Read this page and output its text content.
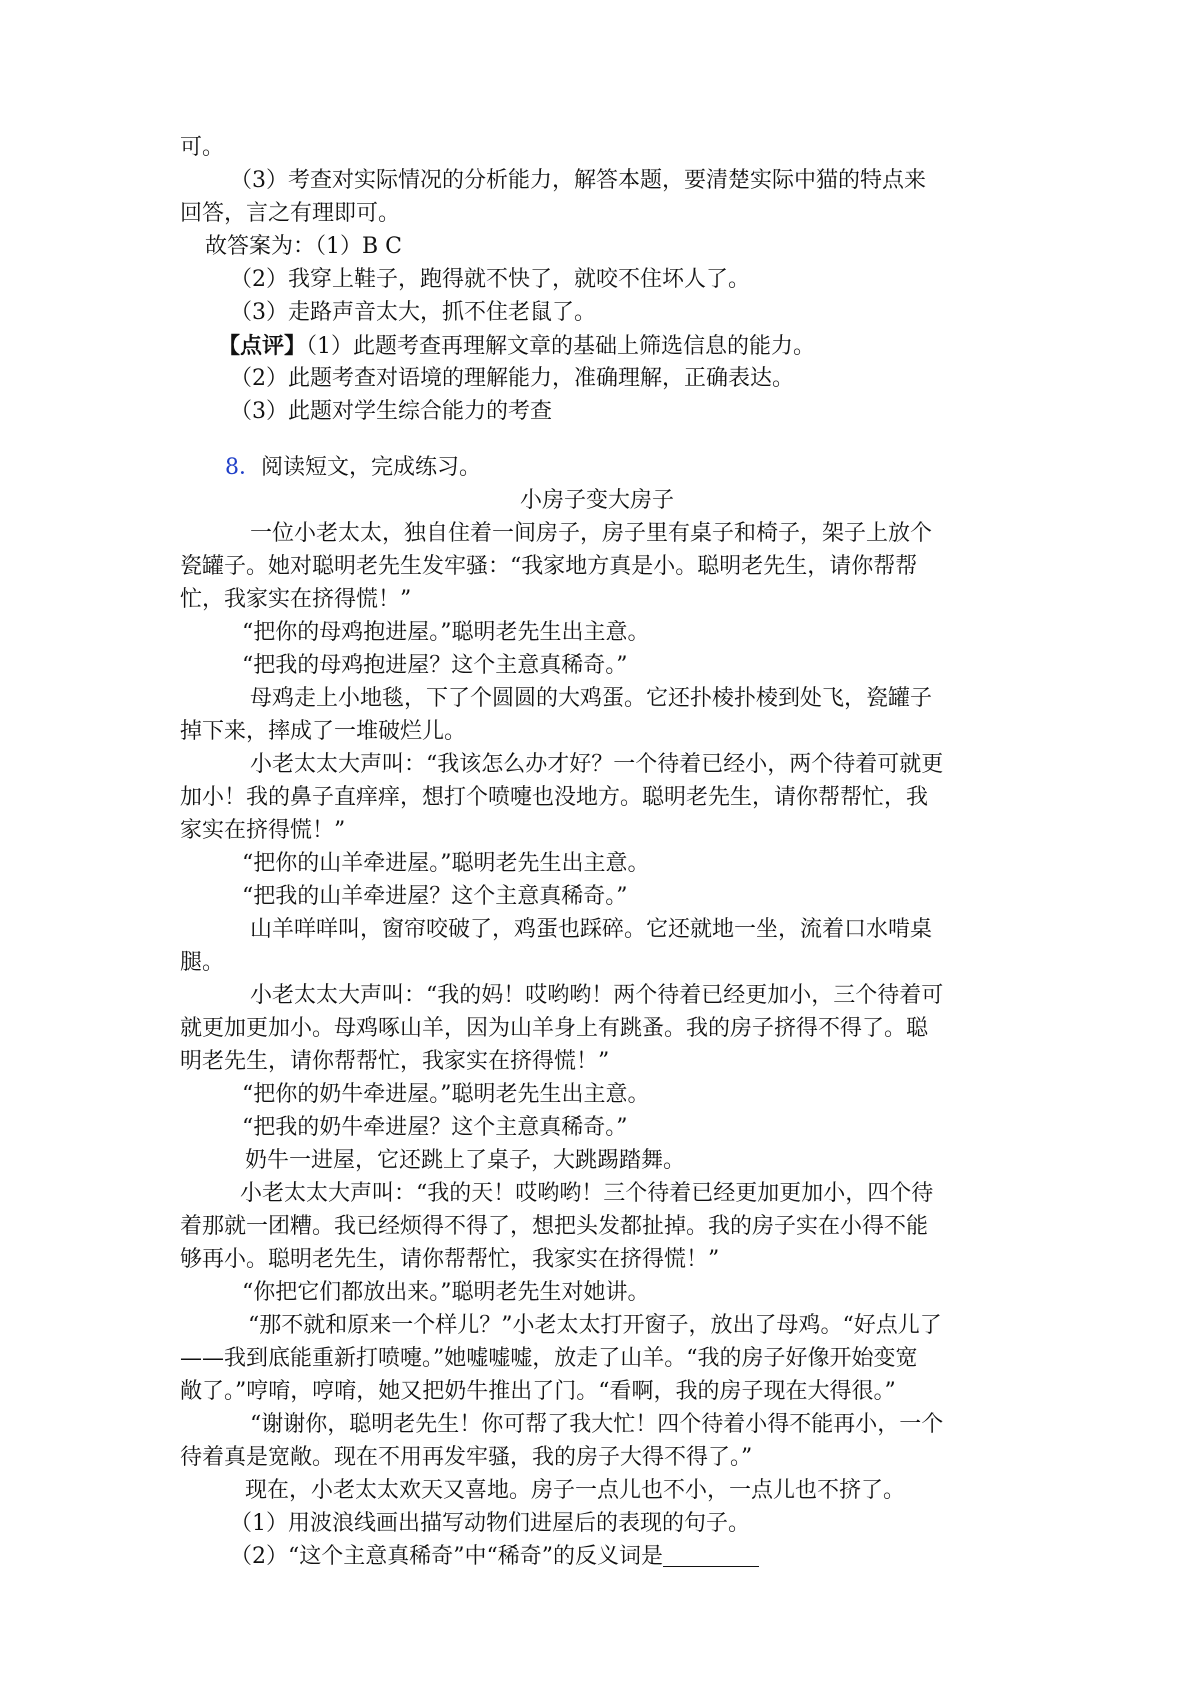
可。
（3）考查对实际情况的分析能力，解答本题，要清楚实际中猫的特点来
回答，言之有理即可。
故答案为：（1）B C
（2）我穿上鞋子，跑得就不快了，就咬不住坏人了。
（3）走路声音太大，抓不住老鼠了。
【点评】（1）此题考查再理解文章的基础上筛选信息的能力。
（2）此题考查对语境的理解能力，准确理解，正确表达。
（3）此题对学生综合能力的考查
8．阅读短文，完成练习。
小房子变大房子
一位小老太太，独自住着一间房子，房子里有桌子和椅子，架子上放个
瓷罐子。她对聪明老先生发牢骚：“我家地方真是小。聪明老先生，请你帮帮
忙，我家实在挤得慌！”
“把你的母鸡抱进屋。”聪明老先生出主意。
“把我的母鸡抱进屋？这个主意真稀奇。”
母鸡走上小地毯，下了个圆圆的大鸡蛋。它还扑棱扑棱到处飞，瓷罐子
掉下来，摔成了一堆破烂儿。
小老太太大声叫：“我该怎么办才好？一个待着已经小，两个待着可就更
加小！我的鼻子直痒痒，想打个喷嚏也没地方。聪明老先生，请你帮帮忙，我
家实在挤得慌！”
“把你的山羊牵进屋。”聪明老先生出主意。
“把我的山羊牵进屋？这个主意真稀奇。”
山羊咩咩叫，窗帘咬破了，鸡蛋也踩碎。它还就地一坐，流着口水啃桌
腿。
小老太太大声叫：“我的妈！哎哟哟！两个待着已经更加小，三个待着可
就更加更加小。母鸡啄山羊，因为山羊身上有跳蚤。我的房子挤得不得了。聪
明老先生，请你帮帮忙，我家实在挤得慌！”
“把你的奶牛牵进屋。”聪明老先生出主意。
“把我的奶牛牵进屋？这个主意真稀奇。”
奶牛一进屋，它还跳上了桌子，大跳踢踏舞。
小老太太大声叫：“我的天！哎哟哟！三个待着已经更加更加小，四个待
着那就一团糟。我已经烦得不得了，想把头发都扯掉。我的房子实在小得不能
够再小。聪明老先生，请你帮帮忙，我家实在挤得慌！”
“你把它们都放出来。”聪明老先生对她讲。
“那不就和原来一个样儿？”小老太太打开窗子，放出了母鸡。“好点儿了
——我到底能重新打喷嚏。”她嘘嘘嘘，放走了山羊。“我的房子好像开始变宽
敞了。”哼唷，哼唷，她又把奶牛推出了门。“看啊，我的房子现在大得很。”
“谢谢你，聪明老先生！你可帮了我大忙！四个待着小得不能再小，一个
待着真是宽敞。现在不用再发牢骚，我的房子大得不得了。”
现在，小老太太欢天又喜地。房子一点儿也不小，一点儿也不挤了。
（1）用波浪线画出描写动物们进屋后的表现的句子。
（2）“这个主意真稀奇”中“稀奇”的反义词是
